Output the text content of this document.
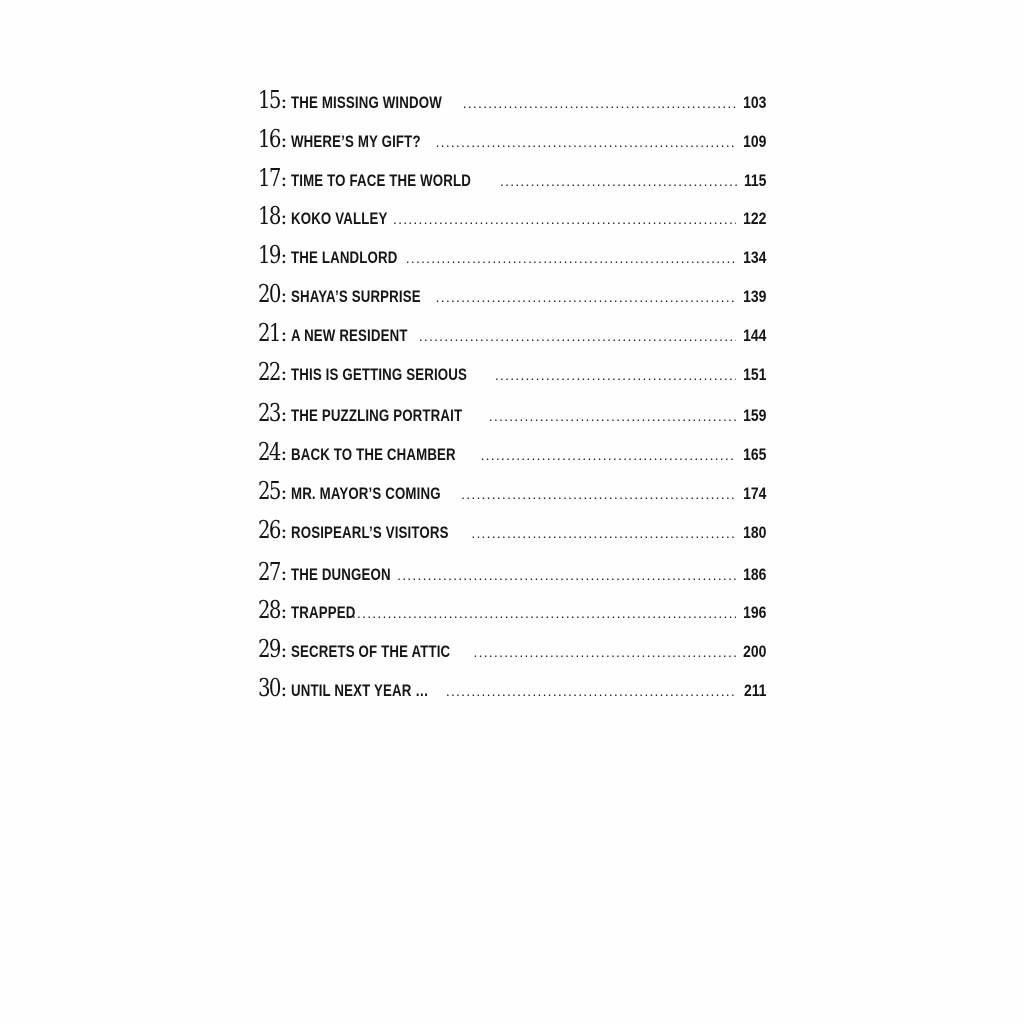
15 : THE MISSING WINDOW .....	103
16 : WHERE’S MY GIFT? .....	109
17 : TIME TO FACE THE WORLD .....	115
18 : KOKO VALLEY .....	122
19 : THE LANDLORD .....	134
20 : SHAYA’S SURPRISE .....	139
21 : A NEW RESIDENT .....	144
22 : THIS IS GETTING SERIOUS .....	151
23 : THE PUZZLING PORTRAIT .....	159
24 : BACK TO THE CHAMBER .....	165
25 : MR. MAYOR’S COMING .....	174
26 : ROSIPEARL’S VISITORS .....	180
27 : THE DUNGEON .....	186
28 : TRAPPED .....	196
29 : SECRETS OF THE ATTIC .....	200
30 : UNTIL NEXT YEAR … .....	211
